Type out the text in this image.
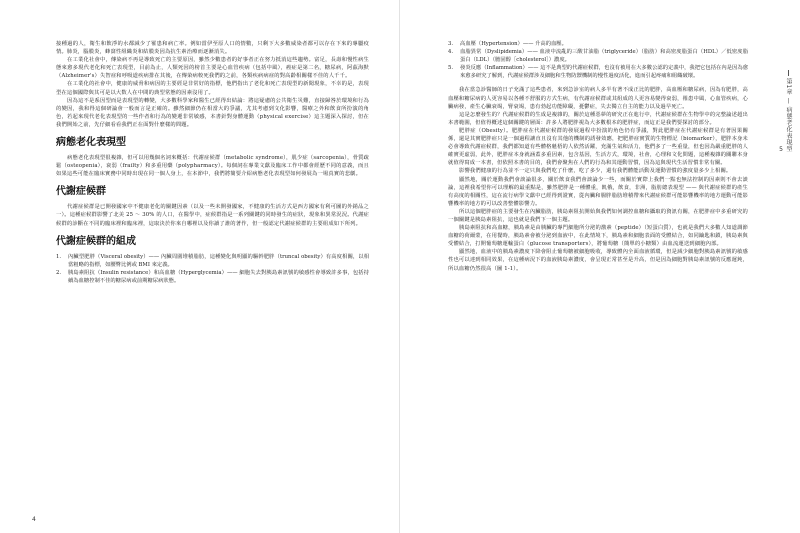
接種過的人，衛生和飲淨的水都減少了罹患和病亡率。例如當伊至原人口的情數，只剩下大多數威染者都可以存在下來的專屬疫情。肺炎，腦膜炎，蜂窩性組織炎和結膜炎因為抗生素治療而逐漸消失。

在工業化社會中，傳染病不再是導致死亡的主要原因，雖然少數患者的好事者正在努力抵消這些趨勢。富足，長壽和慢性病生態來愈多現代老化和死亡表現型，目前為止，人類死因的榜首主要是心血管疾病（包括中風），癌症是第二名，糖尿病，阿茲海默（Alzheimer's）失智症和呼吸道疾病排在其後，在傳染病較死我們的之前，各類疾病病症的對高齡相關樣不佳的人千千。

在工業化的社會中，健康的威脅和病因的主要經是非常好的指標，他們指出了老化和死亡表現型的新聞現象，不幸的是，表現型在這個國際與其可是以大数人在中間的典型常態的因素沒用了。

因為這不是系因型而是表現型的轉變，大多數科學家和醫生已經得出結論：將這疑慮的公共衛生災難，直接歸咎於環境和行為的變因，我和得這個研論會一般而言是正確的。雖然細節仍在相當大的爭議，尤其考慮到文化影響，醫療之外和飲食所扮演的角色，若起來現代老化表現型的一些作者和行為的變遷非常敏感，本書針對身體運動（physical exercise）這主題深入探討，但在我們開始之前，先仔細看看我們正在面對什麼樣的問題。

病態老化表現型

病態老化表現型很複雜，但可以用幾個名詞來概括：代謝症候群（metabolic syndrome），肌少症（sarcopenia），骨質疏鬆（osteopenia），衰弱（frailty）和多重用藥（polypharmacy）。每個詞在專業文獻及臨床工作中都會經歷不同的意義，而且如果這些可能在臨床實務中同時出現在同一個人身上，在本節中，我們將簡要介紹病態老化表現型如何發展為一場真實的悲劇。

代謝症候群

代謝症候群是已開發國家中不健康老化的關鍵因素（以及一些未開發國家，不健康的生活方式是西方國家有利可圖的外銷品之一）。這種症候群影響了北美 25 ～ 30% 的人口，在醫學中，症候群指是一系列關鍵的同時發生的症狀，現象和異常況況。代謝症候群的診斷在不同的臨床裡和臨床裡，這取決於你來自哪裡以及你讀了誰的著作，但一般認定代謝症候群的主要組成如下所列。

代謝症候群的組成
1.	內臟型肥胖（Visceral obesity）—— 內臟周圍堆積脂肪，這種變化與明顯的驅幹肥胖（truncal obesity）有高度相關，以相當粗略的指標，如腰臀比例或 BMI 來定義。
2.	胰島素阻抗（Insulin resistance）和高血糖（Hyperglycemia）—— 細胞失去對胰島素訊號的敏感性會導致許多事，包括持續為血糖控制不佳的糖尿病或前期糖尿病狀態。
4
3.	高血壓（Hypertension）—— 升高的血壓。
4.	血脂異常（Dyslipidemia）—— 血液中流亂的三酸甘油脂（triglyceride）（脂肪）和高密度脂蛋白（HDL）／低密度脂蛋白（LDL）（膽固醇［cholesterol］）濃度。
5.	發炎反應（Inflammation）—— 這不是典型的代謝症候群，也沒有被用在大多數公認的定義中，我把它包括在內是因為愈來愈多研究了解到，代謝症候群涉及細胞和生物防禦機制的慢性過度活化，進而引起疼痛和組織破壞。

我在當急診醫師的日子充滿了這些患者，來到急診室的病人多半有著不成正比的肥胖，高血壓和糖尿病，因為有肥胖，高血壓和糖尿病的人更容易以各種不舒服的方式生病，有代謝症候群或其組成的人更容易變得衰弱，罹患中風，心血管疾病，心臟病發，產生心臟衰竭，腎衰竭，患有勃起功能障礙，憂鬱症，失去獨立自主的能力以及過早死亡。

這是怎麼發生的？代謝症候群的生成是複雜的，關於這種惡夢的研究正在進行中，代謝症候群在生物學中的完整論述超出本書範圍，但值得概述這個關鍵的層面：許多人將肥胖視為大多數根本的肥胖症，而這正是我們要探討的部分。

肥胖症（Obesity）。肥胖症在代謝症候群的發展過程中扮演的角色仍有爭議，對此肥胖症在代謝症候群是有著因果關係，還是其實肥胖症只是一個過程讓直且沒有其他的機制的誘發效應，把肥胖症實質的生物標記（biomarker），肥胖本身未必會導致代謝症候群，我們都知道有些體格魁梧的人依然活躍，充滿生氣和活力，他們多了一些重量，但也因為嚴重肥胖的人確實更虛弱，此外，肥胖症本身就涵蓋多重因素，包含基因，生活方式，環境，社會，心理和文化問題，這種複雜的關聯本身就值得寫成一本書，但依照本書的目的，我們會聚焦在人們的行為和其運動習慣，因為這與現代生活習慣非常有關。

影響我們健康的行為並不一定只與我們吃了什麼，吃了多少，還有我們體能活動及運動習慣的強度量多少上相關。

顯然地，關於運動我們會談論很多，關於飲食我們會談論少一些，而關於實際上我們一點也無法控制的因素則不會去談論，這裡我希望你可以理解的最重點是，雖然肥胖是一種體重，飢俄，飲食，非洲，脂肪總表現型 —— 與代謝症候群的產生有高度的相關性，這在流行病學文獻中已經得到證實，從內臟和腸胖脂肪堆積帶來代謝症候群可能影響機率的地方運動可能影響機率的地方的可以改善整體影響力。

所以這個肥胖症的主要發生在內臟脂肪，胰島素阻抗開始與我們如何調控血糖和攝取的資訊有關，在肥胖症中多重研究的一個關鍵是胰島素阻抗，這也就是我們下一個主題。

胰島素阻抗和高血糖，胰島素是由胰臟的專門細胞所分泌的激素（peptide）（短蛋白質），也就是我們大多數人知道調節血糖的荷爾蒙，在用餐時，胰島素會被分泌到血液中，在此情境下，胰島素和細胞表面的受體結合，如同鑰匙和鎖，胰島素與受體結合，打開葡萄糖運輸蛋白（glucose transporters），將葡萄糖（簡單的小糖類）由血流運送到細胞內部。

顯然地，血液中的胰島素濃度下降會阻止葡萄糖被細胞吸收，導致體內全面血液循環，但是減少細胞對胰島素訊號的敏感性也可以達到相同效果，在這種病況下的血液胰島素濃度，會呈現正常甚至是升高，但是因為細胞對胰島素訊號的反應遲鈍，所以血糖仍然很高（圖 1-1）。

第1章 — 病態老化表現型
5
